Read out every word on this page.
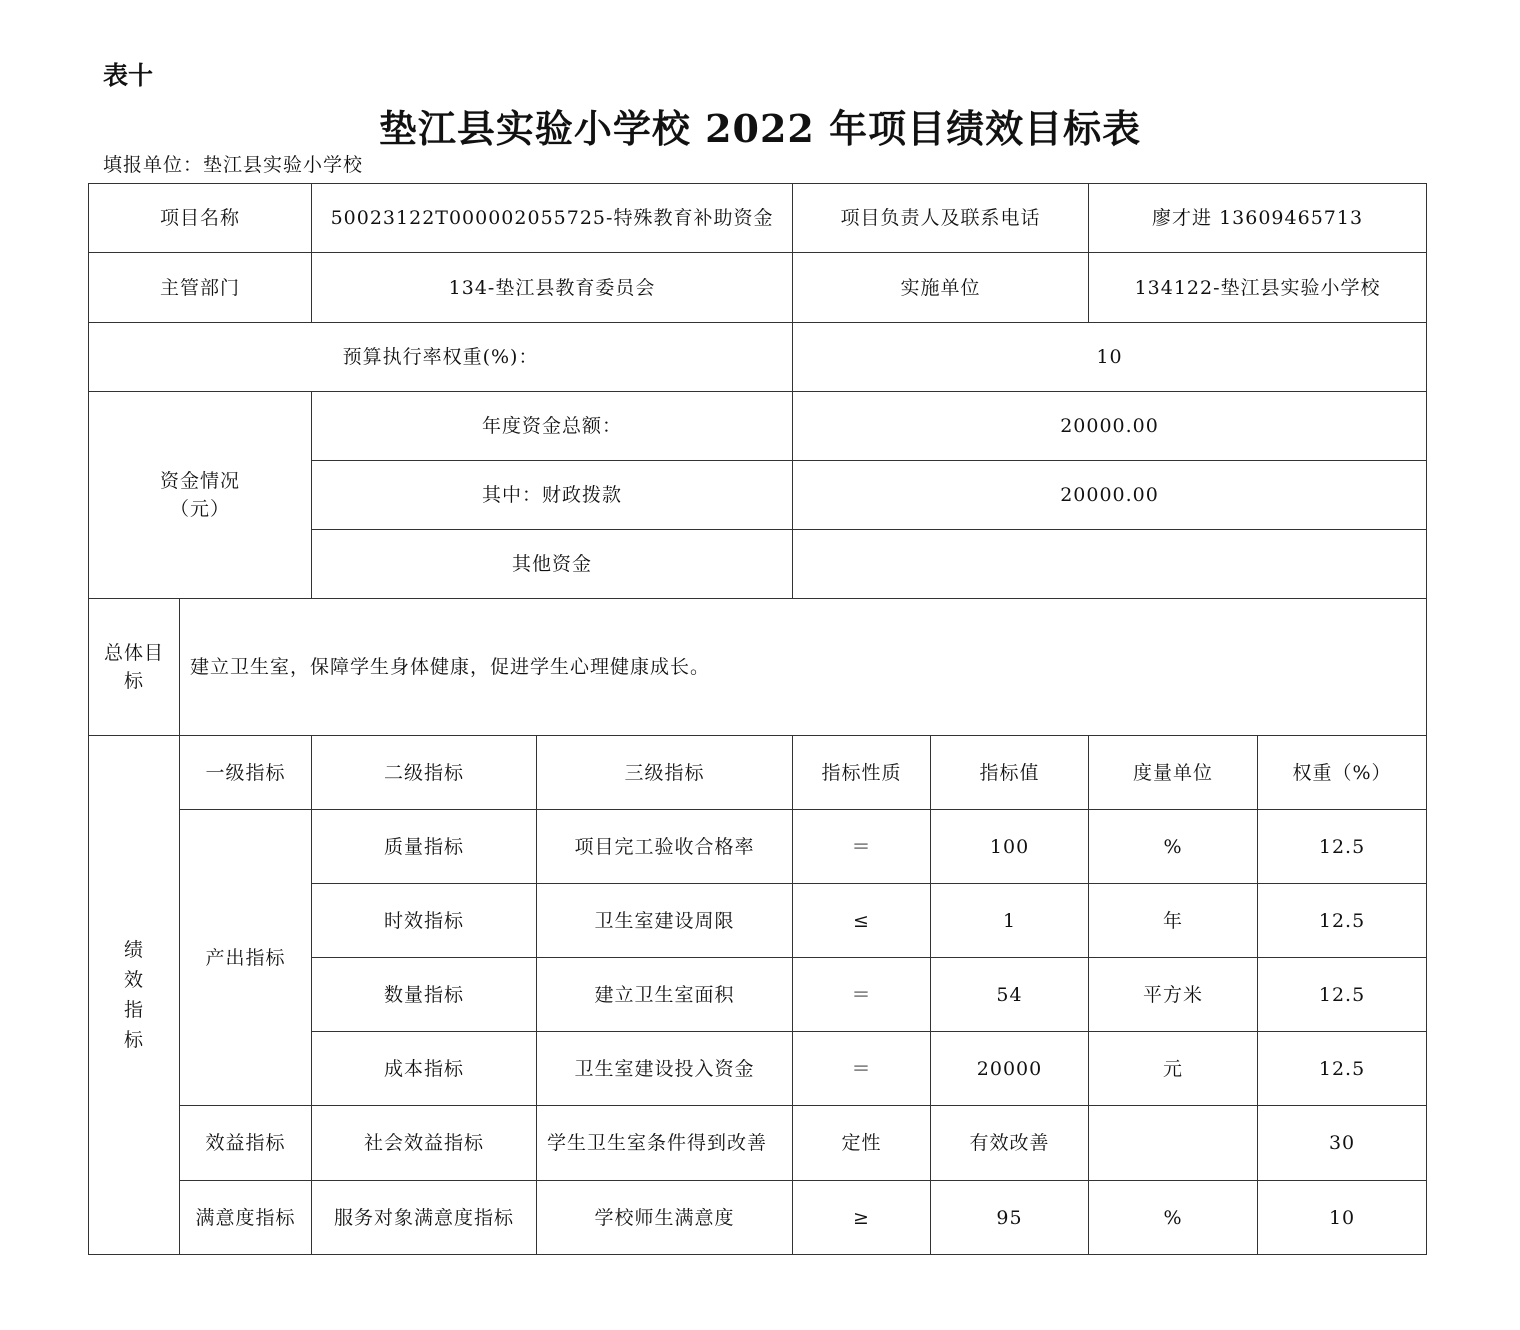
表十
垫江县实验小学校 2022 年项目绩效目标表
填报单位：垫江县实验小学校
项目名称		50023122T000002055725-特殊教育补助资金		项目负责人及联系电话		廖才进 13609465713	
主管部门		134-垫江县教育委员会		实施单位		134122-垫江县实验小学校	
预算执行率权重(%)：				10			

资金情况
（元）		年度资金总额：		20000.00			
		其中：财政拨款		20000.00			
		其他资金					

总体目
标	建立卫生室，保障学生身体健康，促进学生心理健康成长。						

绩
效
指
标	一级指标	二级指标	三级指标	指标性质	指标值	度量单位	权重（%）
	产出指标	质量指标	项目完工验收合格率	＝	100	%	12.5
		时效指标	卫生室建设周限	≤	1	年	12.5
		数量指标	建立卫生室面积	＝	54	平方米	12.5
		成本指标	卫生室建设投入资金	＝	20000	元	12.5
	效益指标	社会效益指标	学生卫生室条件得到改善	定性	有效改善		30
	满意度指标	服务对象满意度指标	学校师生满意度	≥	95	%	10
